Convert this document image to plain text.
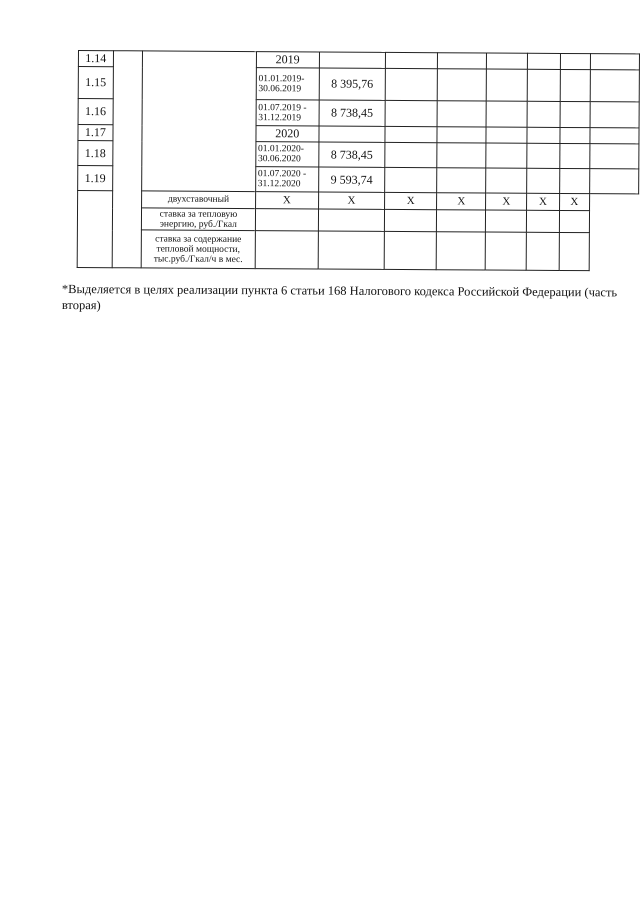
1.14			2019							
1.15			01.01.2019-
30.06.2019	8 395,76						
1.16			01.07.2019 -
31.12.2019	8 738,45						
1.17			2020							
1.18			01.01.2020-
30.06.2020	8 738,45						
1.19			01.07.2020 -
31.12.2020	9 593,74						
		двухставочный	X	X	X	X	X	X	X	
		ставка за тепловую энергию, руб./Гкал								
		ставка за содержание тепловой мощности, тыс.руб./Гкал/ч в мес.								
*Выделяется в целях реализации пункта 6 статьи 168 Налогового кодекса Российской Федерации (часть вторая)
